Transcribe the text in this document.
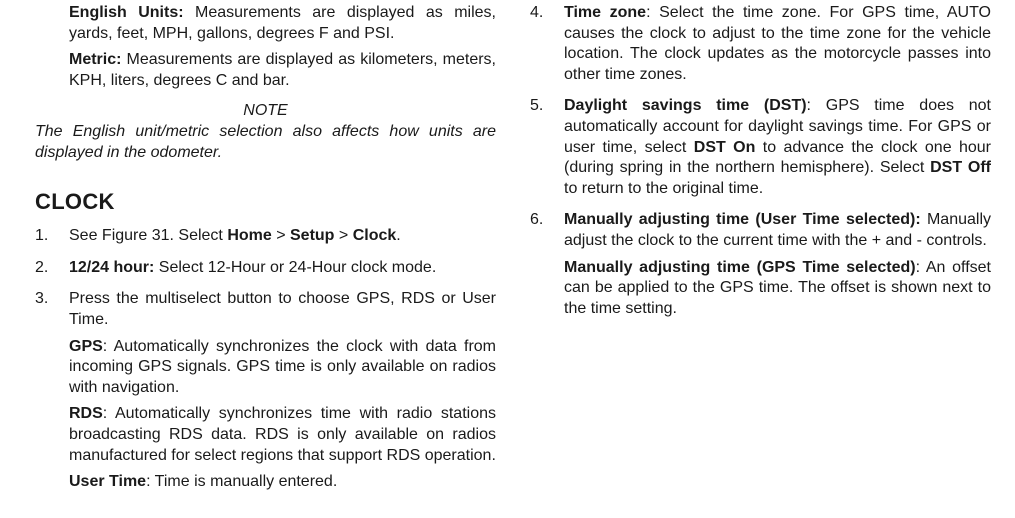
English Units: Measurements are displayed as miles, yards, feet, MPH, gallons, degrees F and PSI.

Metric: Measurements are displayed as kilometers, meters, KPH, liters, degrees C and bar.

NOTE

The English unit/metric selection also affects how units are displayed in the odometer.

CLOCK
1. See Figure 31. Select Home > Setup > Clock.

2. 12/24 hour: Select 12-Hour or 24-Hour clock mode.

3. Press the multiselect button to choose GPS, RDS or User Time.

GPS: Automatically synchronizes the clock with data from incoming GPS signals. GPS time is only available on radios with navigation.

RDS: Automatically synchronizes time with radio stations broadcasting RDS data. RDS is only available on radios manufactured for select regions that support RDS operation.

User Time: Time is manually entered.

4. Time zone: Select the time zone. For GPS time, AUTO causes the clock to adjust to the time zone for the vehicle location. The clock updates as the motorcycle passes into other time zones.

5. Daylight savings time (DST): GPS time does not automatically account for daylight savings time. For GPS or user time, select DST On to advance the clock one hour (during spring in the northern hemisphere). Select DST Off to return to the original time.

6. Manually adjusting time (User Time selected): Manually adjust the clock to the current time with the + and - controls.

Manually adjusting time (GPS Time selected): An offset can be applied to the GPS time. The offset is shown next to the time setting.
